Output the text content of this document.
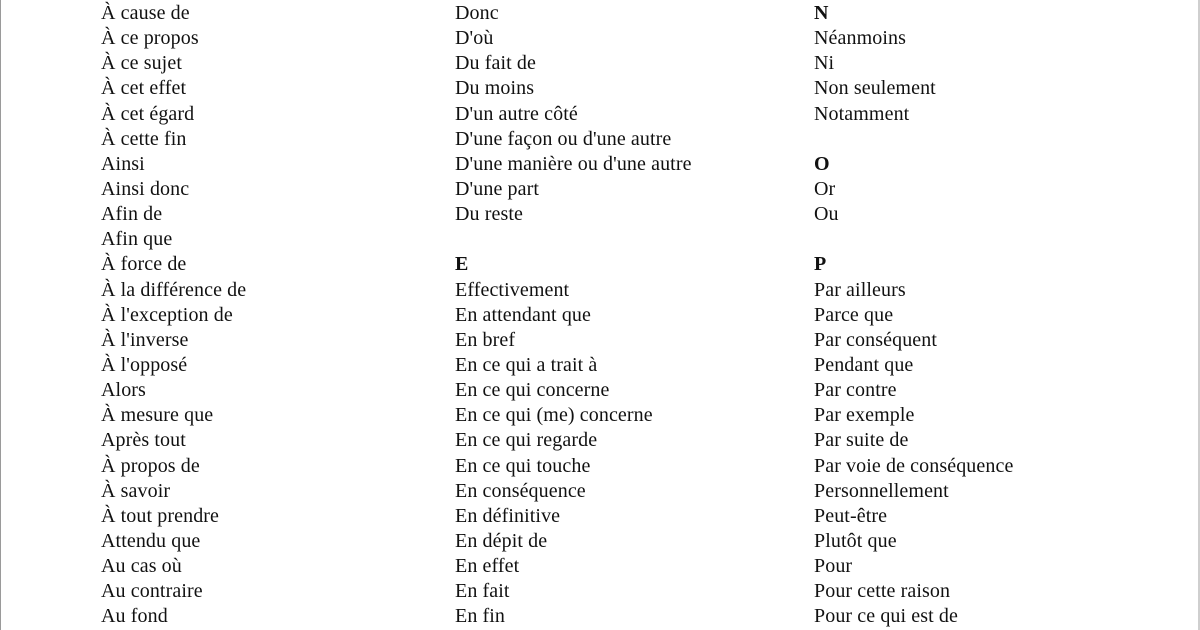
À cause de
À ce propos
À ce sujet
À cet effet
À cet égard
À cette fin
Ainsi
Ainsi donc
Afin de
Afin que
À force de
À la différence de
À l'exception de
À l'inverse
À l'opposé
Alors
À mesure que
Après tout
À propos de
À savoir
À tout prendre
Attendu que
Au cas où
Au contraire
Au fond
Donc
D'où
Du fait de
Du moins
D'un autre côté
D'une façon ou d'une autre
D'une manière ou d'une autre
D'une part
Du reste
E
Effectivement
En attendant que
En bref
En ce qui a trait à
En ce qui concerne
En ce qui (me) concerne
En ce qui regarde
En ce qui touche
En conséquence
En définitive
En dépit de
En effet
En fait
En fin
N
Néanmoins
Ni
Non seulement
Notamment
O
Or
Ou
P
Par ailleurs
Parce que
Par conséquent
Pendant que
Par contre
Par exemple
Par suite de
Par voie de conséquence
Personnellement
Peut-être
Plutôt que
Pour
Pour cette raison
Pour ce qui est de
